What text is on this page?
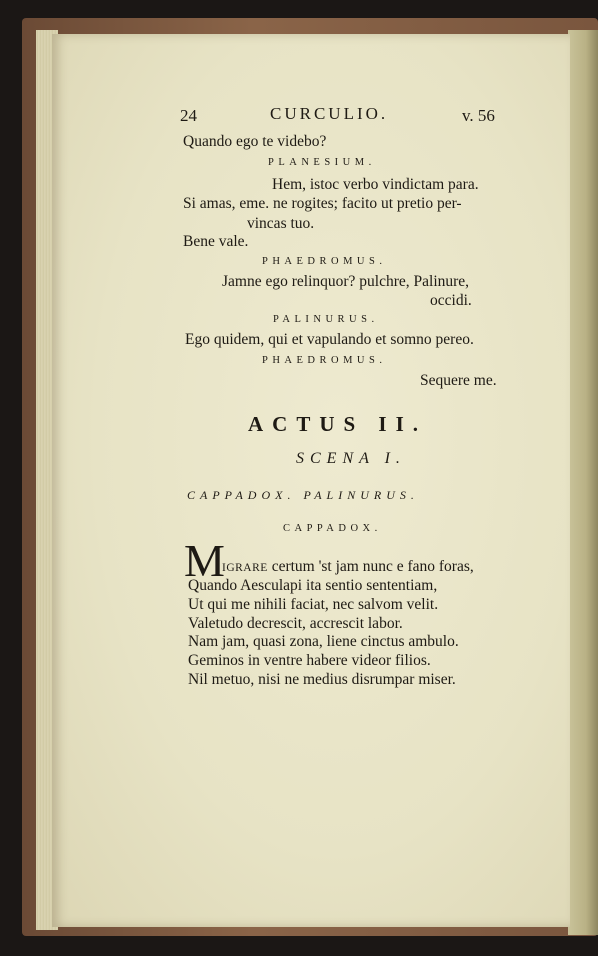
24	CURCULIO.	v. 56
Quando ego te videbo?
PLANESIUM.
Hem, istoc verbo vindictam para.
Si amas, eme. ne rogites; facito ut pretio per-
vincas tuo.
Bene vale.
PHAEDROMUS.
Jamne ego relinquor? pulchre, Palinure,
occidi.
PALINURUS.
Ego quidem, qui et vapulando et somno pereo.
PHAEDROMUS.
Sequere me.
ACTUS II.
SCENA I.
CAPPADOX. PALINURUS.
CAPPADOX.
M
IGRARE certum 'st jam nunc e fano foras,
Quando Aesculapi ita sentio sententiam,
Ut qui me nihili faciat, nec salvom velit.
Valetudo decrescit, accrescit labor.
Nam jam, quasi zona, liene cinctus ambulo.
Geminos in ventre habere videor filios.
Nil metuo, nisi ne medius disrumpar miser.
